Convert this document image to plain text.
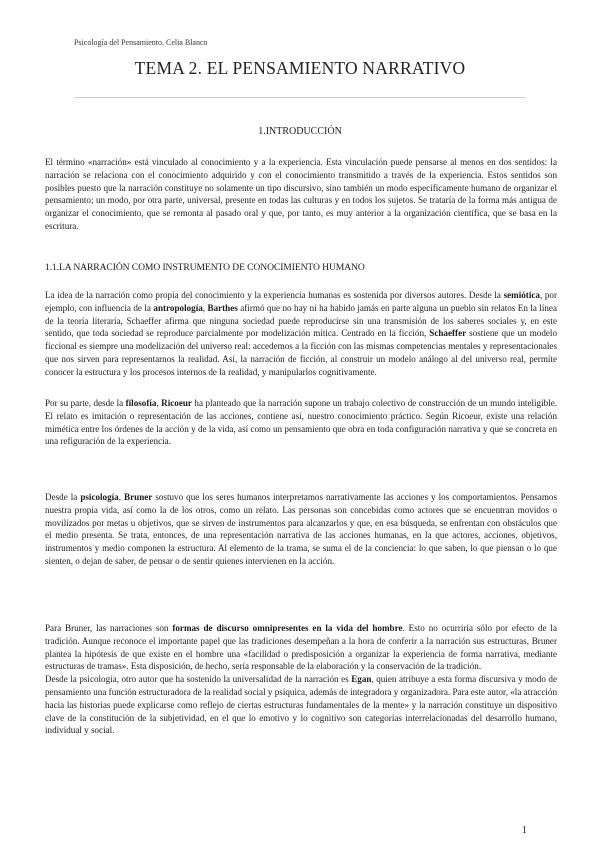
Psicología del Pensamiento. Celia Blanco
TEMA 2. EL PENSAMIENTO NARRATIVO
1.INTRODUCCIÓN

El término «narración» está vinculado al conocimiento y a la experiencia. Esta vinculación puede pensarse al menos en dos sentidos: la narración se relaciona con el conocimiento adquirido y con el conocimiento transmitido a través de la experiencia. Estos sentidos son posibles puesto que la narración constituye no solamente un tipo discursivo, sino también un modo específicamente humano de organizar el pensamiento; un modo, por otra parte, universal, presente en todas las culturas y en todos los sujetos. Se trataría de la forma más antigua de organizar el conocimiento, que se remonta al pasado oral y que, por tanto, es muy anterior a la organización científica, que se basa en la escritura.

1.1.LA NARRACIÓN COMO INSTRUMENTO DE CONOCIMIENTO HUMANO

La idea de la narración como propia del conocimiento y la experiencia humanas es sostenida por diversos autores. Desde la semiótica, por ejemplo, con influencia de la antropología, Barthes afirmó que no hay ni ha habido jamás en parte alguna un pueblo sin relatos En la línea de la teoría literaria, Schaeffer afirma que ninguna sociedad puede reproducirse sin una transmisión de los saberes sociales y, en este sentido, que toda sociedad se reproduce parcialmente por modelización mítica. Centrado en la ficción, Schaeffer sostiene que un modelo ficcional es siempre una modelización del universo real: accedemos a la ficción con las mismas competencias mentales y representacionales que nos sirven para representarnos la realidad. Así, la narración de ficción, al construir un modelo análogo al del universo real, permite conocer la estructura y los procesos internos de la realidad, y manipularlos cognitivamente.

Por su parte, desde la filosofía, Ricoeur ha planteado que la narración supone un trabajo colectivo de construcción de un mundo inteligible. El relato es imitación o representación de las acciones, contiene así, nuestro conocimiento práctico. Según Ricoeur, existe una relación mimética entre los órdenes de la acción y de la vida, así como un pensamiento que obra en toda configuración narrativa y que se concreta en una refiguración de la experiencia.

Desde la psicología, Bruner sostuvo que los seres humanos interpretamos narrativamente las acciones y los comportamientos. Pensamos nuestra propia vida, así como la de los otros, como un relato. Las personas son concebidas como actores que se encuentran movidos o movilizados por metas u objetivos, que se sirven de instrumentos para alcanzarlos y que, en esa búsqueda, se enfrentan con obstáculos que el medio presenta. Se trata, entonces, de una representación narrativa de las acciones humanas, en la que actores, acciones, objetivos, instrumentos y medio componen la estructura. Al elemento de la trama, se suma el de la conciencia: lo que saben, lo que piensan o lo que sienten, o dejan de saber, de pensar o de sentir quienes intervienen en la acción.

Para Bruner, las narraciones son formas de discurso omnipresentes en la vida del hombre. Esto no ocurriría sólo por efecto de la tradición. Aunque reconoce el importante papel que las tradiciones desempeñan a la hora de conferir a la narración sus estructuras, Bruner plantea la hipótesis de que existe en el hombre una «facilidad o predisposición a organizar la experiencia de forma narrativa, mediante estructuras de tramas». Esta disposición, de hecho, sería responsable de la elaboración y la conservación de la tradición.

Desde la psicología, otro autor que ha sostenido la universalidad de la narración es Egan, quien atribuye a esta forma discursiva y modo de pensamiento una función estructuradora de la realidad social y psíquica, además de integradora y organizadora. Para este autor, «la atracción hacia las historias puede explicarse como reflejo de ciertas estructuras fundamentales de la mente» y la narración constituye un dispositivo clave de la constitución de la subjetividad, en el que lo emotivo y lo cognitivo son categorías interrelacionadas del desarrollo humano, individual y social.

1
